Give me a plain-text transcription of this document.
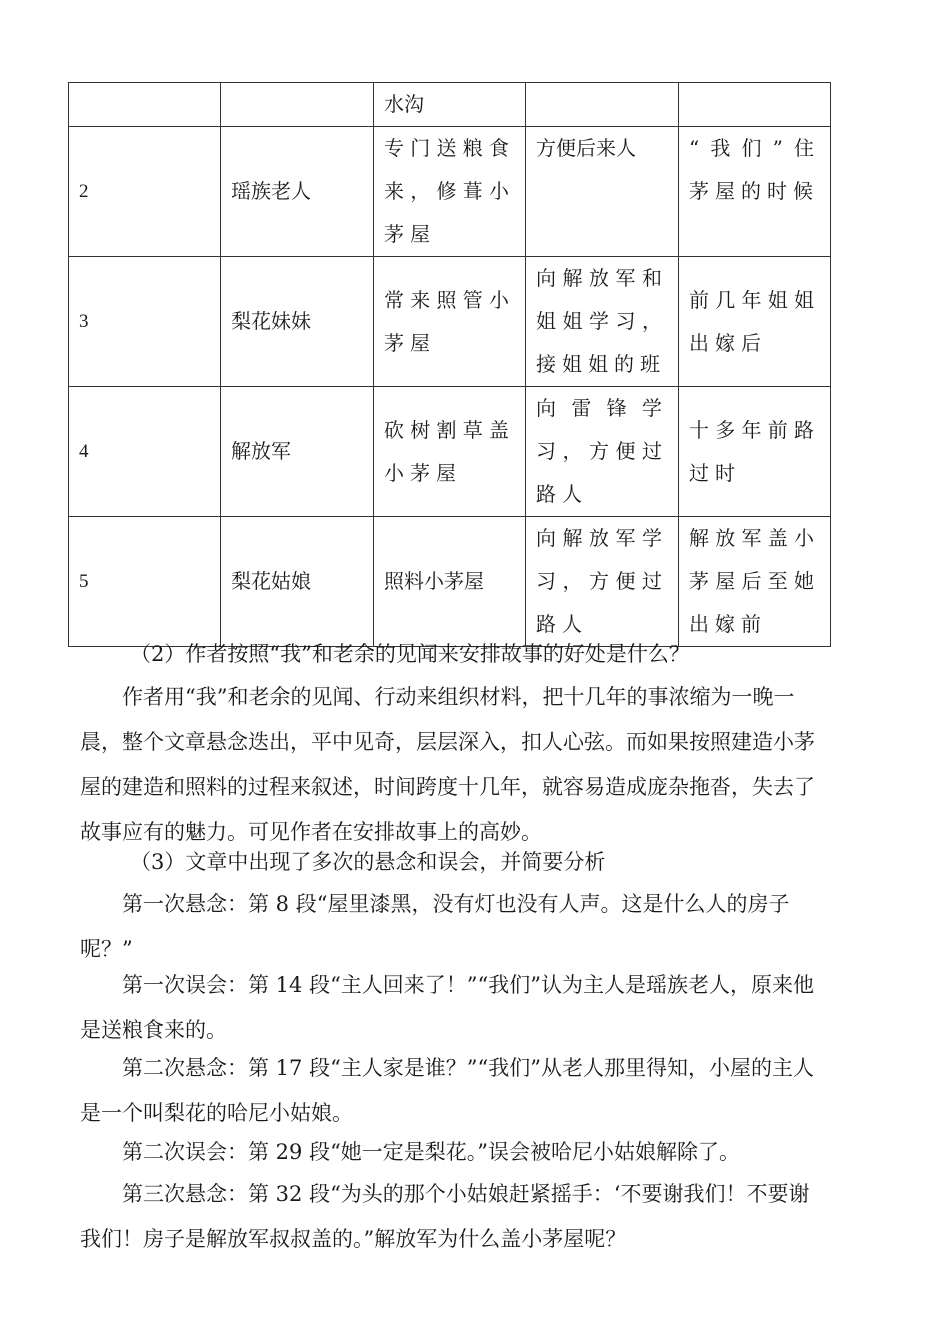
		水沟		
2	瑶族老人	专门送粮食来，修葺小茅屋	方便后来人	“我们”住茅屋的时候
3	梨花妹妹	常来照管小茅屋	向解放军和姐姐学习，接姐姐的班	前几年姐姐出嫁后
4	解放军	砍树割草盖小茅屋	向雷锋学习，方便过路人	十多年前路过时
5	梨花姑娘	照料小茅屋	向解放军学习，方便过路人	解放军盖小茅屋后至她出嫁前

（2）作者按照“我”和老余的见闻来安排故事的好处是什么？

作者用“我”和老余的见闻、行动来组织材料，把十几年的事浓缩为一晚一晨，整个文章悬念迭出，平中见奇，层层深入，扣人心弦。而如果按照建造小茅屋的建造和照料的过程来叙述，时间跨度十几年，就容易造成庞杂拖沓，失去了故事应有的魅力。可见作者在安排故事上的高妙。

（3）文章中出现了多次的悬念和误会，并简要分析

第一次悬念：第 8 段“屋里漆黑，没有灯也没有人声。这是什么人的房子呢？”

第一次误会：第 14 段“主人回来了！”“我们”认为主人是瑶族老人，原来他是送粮食来的。

第二次悬念：第 17 段“主人家是谁？”“我们”从老人那里得知，小屋的主人是一个叫梨花的哈尼小姑娘。

第二次误会：第 29 段“她一定是梨花。”误会被哈尼小姑娘解除了。

第三次悬念：第 32 段“为头的那个小姑娘赶紧摇手：‘不要谢我们！不要谢我们！房子是解放军叔叔盖的。”解放军为什么盖小茅屋呢？
